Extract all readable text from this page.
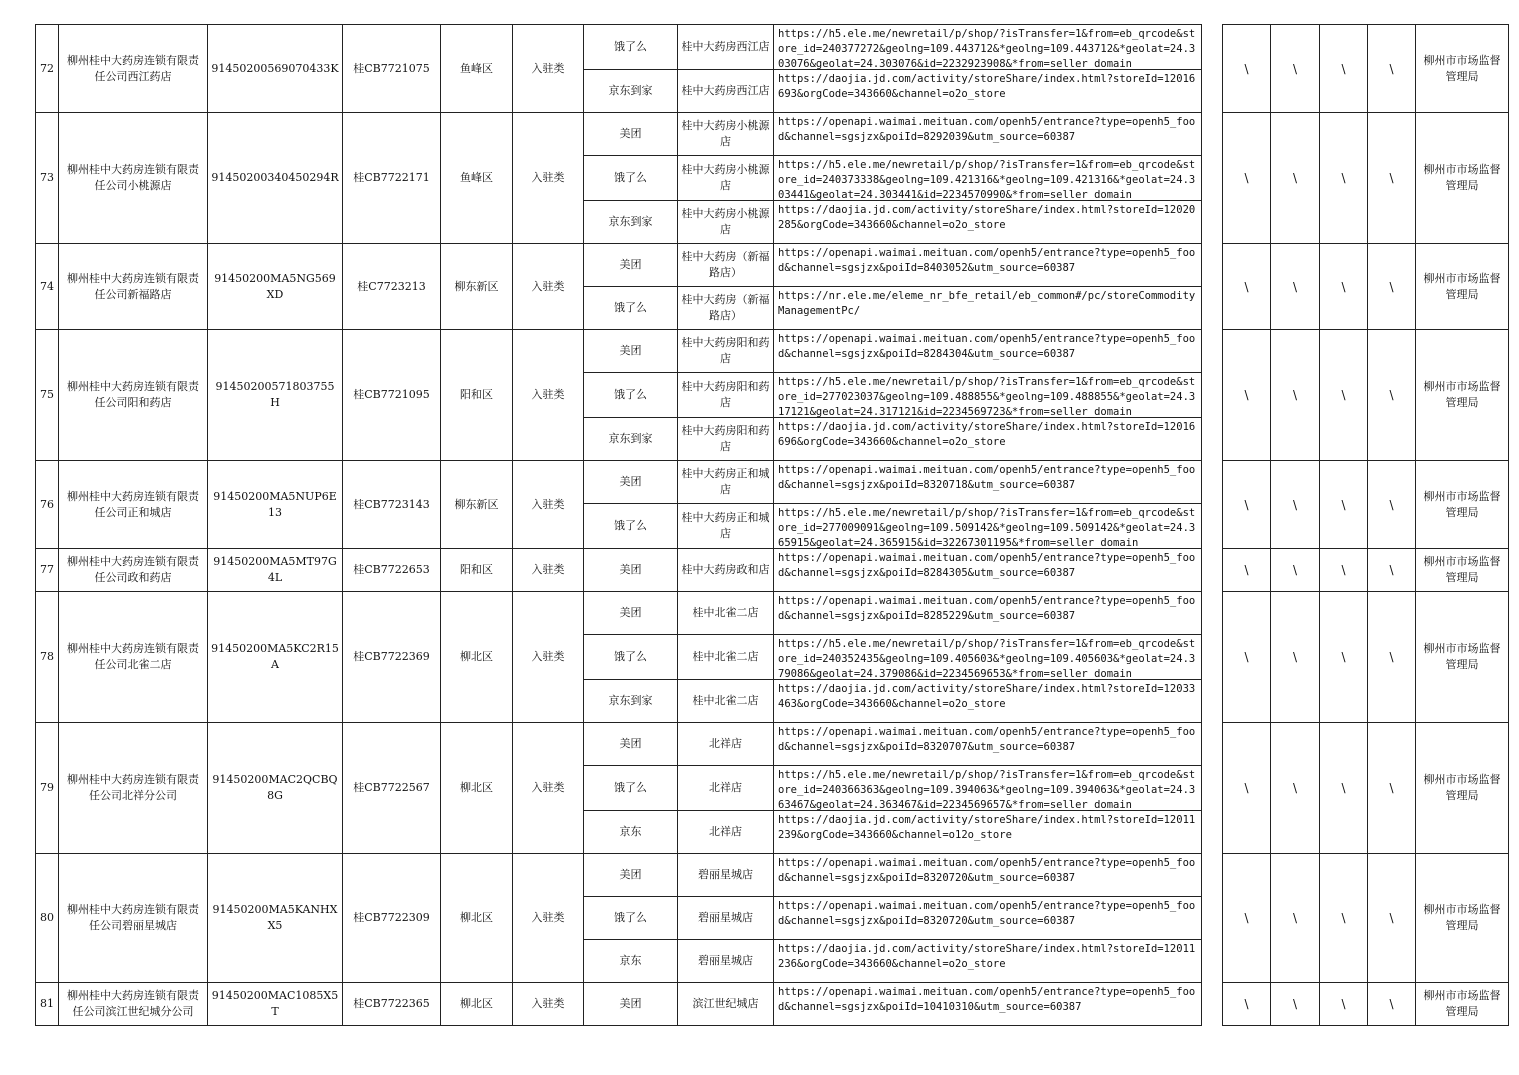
72	柳州桂中大药房连锁有限责任公司西江药店	91450200569070433K	桂CB7721075	鱼峰区	入驻类	饿了么	桂中大药房西江店	https://h5.ele.me/newretail/p/shop/?isTransfer=1&from=eb_qrcode&store_id=240377272&geolng=109.443712&*geolng=109.443712&*geolat=24.303076&geolat=24.303076&id=2232923908&*from=seller_domain		\	\	\	\	柳州市市场监督管理局
						京东到家	桂中大药房西江店	https://daojia.jd.com/activity/storeShare/index.html?storeId=12016693&orgCode=343660&channel=o2o_store						

73	柳州桂中大药房连锁有限责任公司小桃源店	91450200340450294R	桂CB7722171	鱼峰区	入驻类	美团	桂中大药房小桃源店	https://openapi.waimai.meituan.com/openh5/entrance?type=openh5_food&channel=sgsjzx&poiId=8292039&utm_source=60387		\	\	\	\	柳州市市场监督管理局
						饿了么	桂中大药房小桃源店	https://h5.ele.me/newretail/p/shop/?isTransfer=1&from=eb_qrcode&store_id=240373338&geolng=109.421316&*geolng=109.421316&*geolat=24.303441&geolat=24.303441&id=2234570990&*from=seller_domain						

						京东到家	桂中大药房小桃源店	https://daojia.jd.com/activity/storeShare/index.html?storeId=12020285&orgCode=343660&channel=o2o_store						

74	柳州桂中大药房连锁有限责任公司新福路店	91450200MA5NG569XD	桂C7723213	柳东新区	入驻类	美团	桂中大药房（新福路店）	https://openapi.waimai.meituan.com/openh5/entrance?type=openh5_food&channel=sgsjzx&poiId=8403052&utm_source=60387		\	\	\	\	柳州市市场监督管理局
						饿了么	桂中大药房（新福路店）	https://nr.ele.me/eleme_nr_bfe_retail/eb_common#/pc/storeCommodityManagementPc/						

75	柳州桂中大药房连锁有限责任公司阳和药店	91450200571803755H	桂CB7721095	阳和区	入驻类	美团	桂中大药房阳和药店	https://openapi.waimai.meituan.com/openh5/entrance?type=openh5_food&channel=sgsjzx&poiId=8284304&utm_source=60387		\	\	\	\	柳州市市场监督管理局
						饿了么	桂中大药房阳和药店	https://h5.ele.me/newretail/p/shop/?isTransfer=1&from=eb_qrcode&store_id=277023037&geolng=109.488855&*geolng=109.488855&*geolat=24.317121&geolat=24.317121&id=2234569723&*from=seller_domain						

						京东到家	桂中大药房阳和药店	https://daojia.jd.com/activity/storeShare/index.html?storeId=12016696&orgCode=343660&channel=o2o_store						

76	柳州桂中大药房连锁有限责任公司正和城店	91450200MA5NUP6E13	桂CB7723143	柳东新区	入驻类	美团	桂中大药房正和城店	https://openapi.waimai.meituan.com/openh5/entrance?type=openh5_food&channel=sgsjzx&poiId=8320718&utm_source=60387		\	\	\	\	柳州市市场监督管理局
						饿了么	桂中大药房正和城店	https://h5.ele.me/newretail/p/shop/?isTransfer=1&from=eb_qrcode&store_id=277009091&geolng=109.509142&*geolng=109.509142&*geolat=24.365915&geolat=24.365915&id=32267301195&*from=seller_domain						

77	柳州桂中大药房连锁有限责任公司政和药店	91450200MA5MT97G4L	桂CB7722653	阳和区	入驻类	美团	桂中大药房政和店	https://openapi.waimai.meituan.com/openh5/entrance?type=openh5_food&channel=sgsjzx&poiId=8284305&utm_source=60387		\	\	\	\	柳州市市场监督管理局
78	柳州桂中大药房连锁有限责任公司北雀二店	91450200MA5KC2R15A	桂CB7722369	柳北区	入驻类	美团	桂中北雀二店	https://openapi.waimai.meituan.com/openh5/entrance?type=openh5_food&channel=sgsjzx&poiId=8285229&utm_source=60387		\	\	\	\	柳州市市场监督管理局
						饿了么	桂中北雀二店	https://h5.ele.me/newretail/p/shop/?isTransfer=1&from=eb_qrcode&store_id=240352435&geolng=109.405603&*geolng=109.405603&*geolat=24.379086&geolat=24.379086&id=2234569653&*from=seller_domain						

						京东到家	桂中北雀二店	https://daojia.jd.com/activity/storeShare/index.html?storeId=12033463&orgCode=343660&channel=o2o_store						

79	柳州桂中大药房连锁有限责任公司北祥分公司	91450200MAC2QCBQ8G	桂CB7722567	柳北区	入驻类	美团	北祥店	https://openapi.waimai.meituan.com/openh5/entrance?type=openh5_food&channel=sgsjzx&poiId=8320707&utm_source=60387		\	\	\	\	柳州市市场监督管理局
						饿了么	北祥店	https://h5.ele.me/newretail/p/shop/?isTransfer=1&from=eb_qrcode&store_id=240366363&geolng=109.394063&*geolng=109.394063&*geolat=24.363467&geolat=24.363467&id=2234569657&*from=seller_domain						

						京东	北祥店	https://daojia.jd.com/activity/storeShare/index.html?storeId=12011239&orgCode=343660&channel=o12o_store						

80	柳州桂中大药房连锁有限责任公司碧丽星城店	91450200MA5KANHXX5	桂CB7722309	柳北区	入驻类	美团	碧丽星城店	https://openapi.waimai.meituan.com/openh5/entrance?type=openh5_food&channel=sgsjzx&poiId=8320720&utm_source=60387		\	\	\	\	柳州市市场监督管理局
						饿了么	碧丽星城店	https://openapi.waimai.meituan.com/openh5/entrance?type=openh5_food&channel=sgsjzx&poiId=8320720&utm_source=60387						

						京东	碧丽星城店	https://daojia.jd.com/activity/storeShare/index.html?storeId=12011236&orgCode=343660&channel=o2o_store						

81	柳州桂中大药房连锁有限责任公司滨江世纪城分公司	91450200MAC1085X5T	桂CB7722365	柳北区	入驻类	美团	滨江世纪城店	https://openapi.waimai.meituan.com/openh5/entrance?type=openh5_food&channel=sgsjzx&poiId=10410310&utm_source=60387		\	\	\	\	柳州市市场监督管理局
